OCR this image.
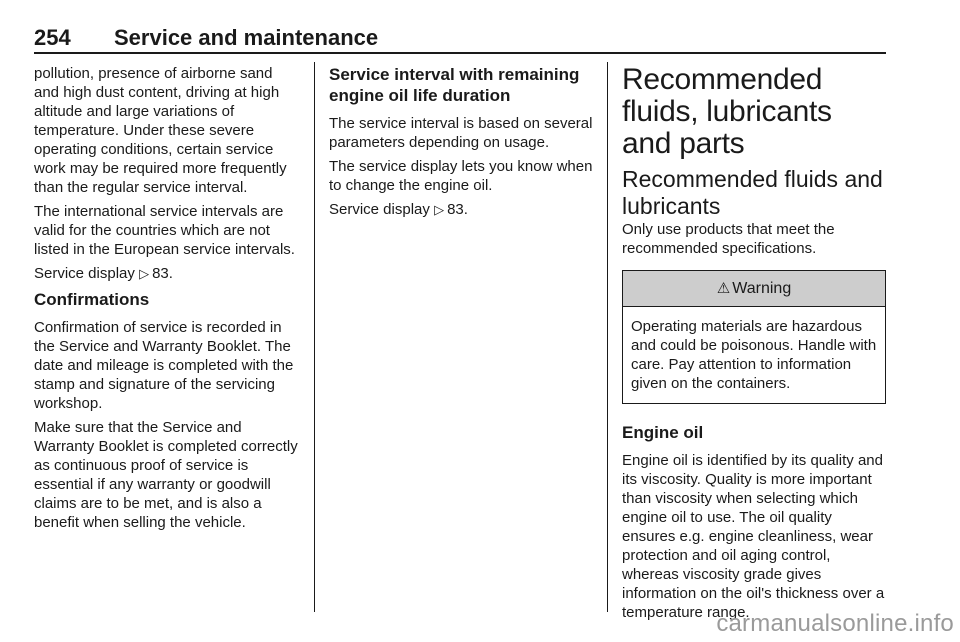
254 Service and maintenance

pollution, presence of airborne sand and high dust content, driving at high altitude and large variations of temperature. Under these severe operating conditions, certain service work may be required more frequently than the regular service interval.

The international service intervals are valid for the countries which are not listed in the European service intervals.

Service display ▷ 83.

Confirmations

Confirmation of service is recorded in the Service and Warranty Booklet. The date and mileage is completed with the stamp and signature of the servicing workshop.

Make sure that the Service and Warranty Booklet is completed correctly as continuous proof of service is essential if any warranty or goodwill claims are to be met, and is also a benefit when selling the vehicle.

Service interval with remaining engine oil life duration

The service interval is based on several parameters depending on usage.

The service display lets you know when to change the engine oil.

Service display ▷ 83.

Recommended fluids, lubricants and parts
Recommended fluids and lubricants

Only use products that meet the recommended specifications.

⚠ Warning

Operating materials are hazardous and could be poisonous. Handle with care. Pay attention to information given on the containers.

Engine oil

Engine oil is identified by its quality and its viscosity. Quality is more important than viscosity when selecting which engine oil to use. The oil quality ensures e.g. engine cleanliness, wear protection and oil aging control, whereas viscosity grade gives information on the oil's thickness over a temperature range.

carmanualsonline.info
